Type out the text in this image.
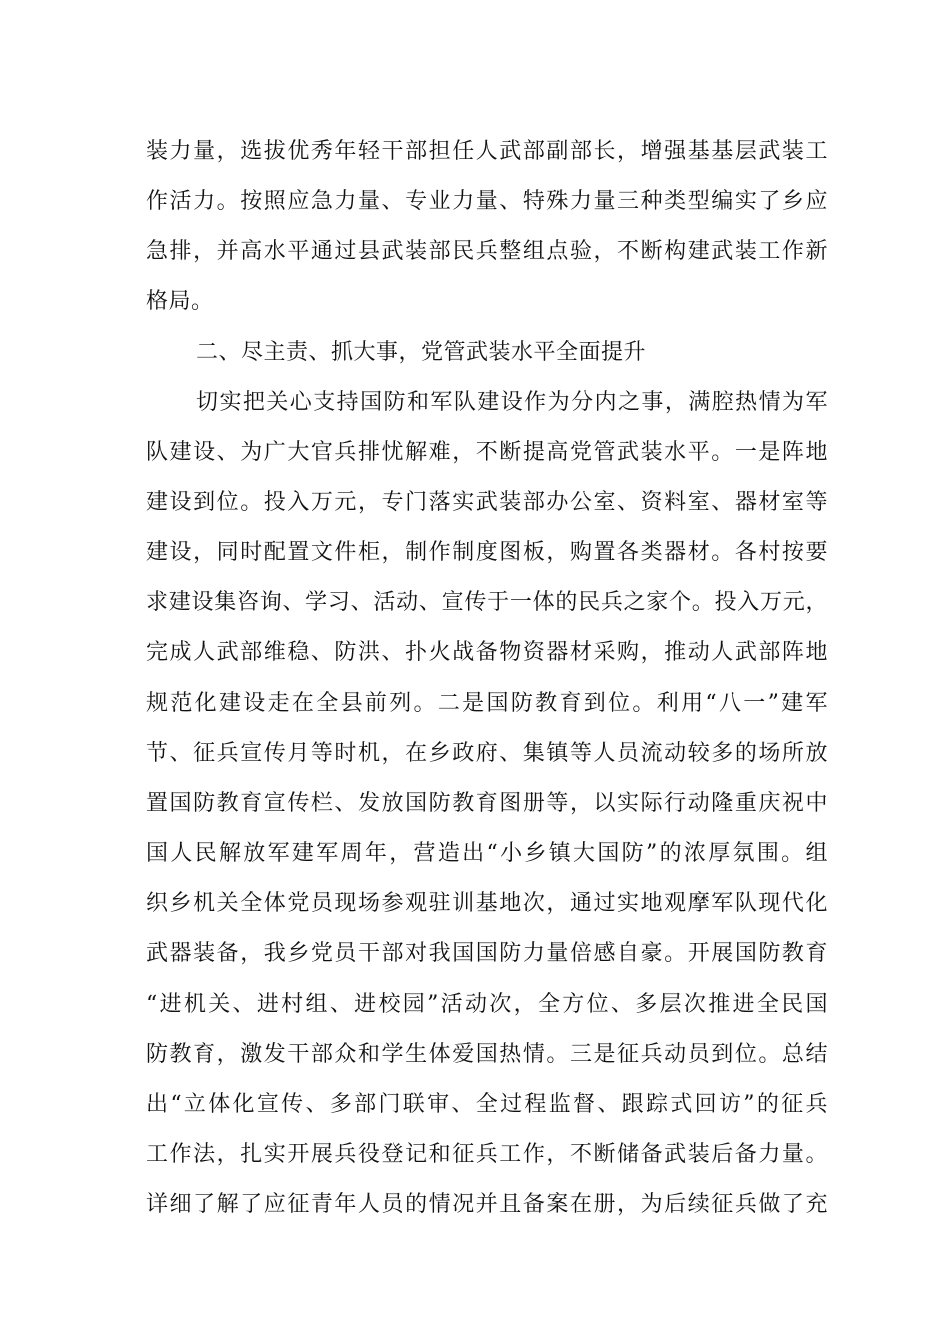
装力量，选拔优秀年轻干部担任人武部副部长，增强基基层武装工
作活力。按照应急力量、专业力量、特殊力量三种类型编实了乡应
急排，并高水平通过县武装部民兵整组点验，不断构建武装工作新
格局。
二、尽主责、抓大事，党管武装水平全面提升
切实把关心支持国防和军队建设作为分内之事，满腔热情为军
队建设、为广大官兵排忧解难，不断提高党管武装水平。一是阵地
建设到位。投入万元，专门落实武装部办公室、资料室、器材室等
建设，同时配置文件柜，制作制度图板，购置各类器材。各村按要
求建设集咨询、学习、活动、宣传于一体的民兵之家个。投入万元，
完成人武部维稳、防洪、扑火战备物资器材采购，推动人武部阵地
规范化建设走在全县前列。二是国防教育到位。利用“八一”建军
节、征兵宣传月等时机，在乡政府、集镇等人员流动较多的场所放
置国防教育宣传栏、发放国防教育图册等，以实际行动隆重庆祝中
国人民解放军建军周年，营造出“小乡镇大国防”的浓厚氛围。组
织乡机关全体党员现场参观驻训基地次，通过实地观摩军队现代化
武器装备，我乡党员干部对我国国防力量倍感自豪。开展国防教育
“进机关、进村组、进校园”活动次，全方位、多层次推进全民国
防教育，激发干部众和学生体爱国热情。三是征兵动员到位。总结
出“立体化宣传、多部门联审、全过程监督、跟踪式回访”的征兵
工作法，扎实开展兵役登记和征兵工作，不断储备武装后备力量。
详细了解了应征青年人员的情况并且备案在册，为后续征兵做了充
